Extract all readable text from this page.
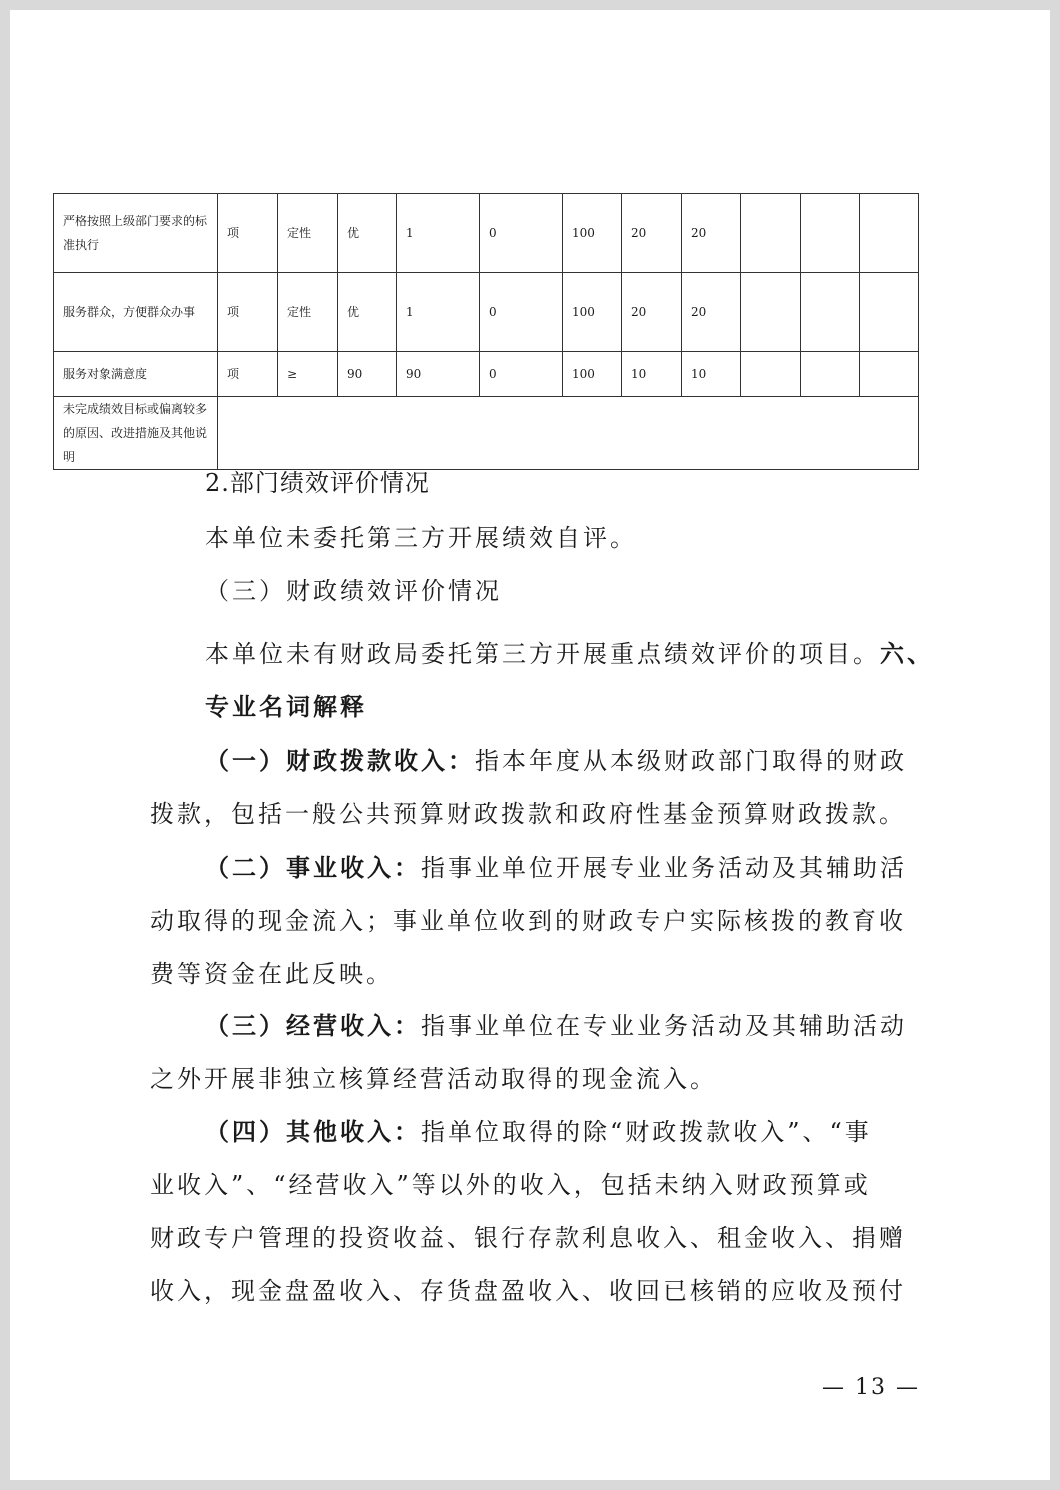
严格按照上级部门要求的标准执行	项	定性	优	1	0	100	20	20			
服务群众，方便群众办事	项	定性	优	1	0	100	20	20			
服务对象满意度	项	≥	90	90	0	100	10	10			
未完成绩效目标或偏离较多的原因、改进措施及其他说明											
2.部门绩效评价情况
本单位未委托第三方开展绩效自评。
（三）财政绩效评价情况
本单位未有财政局委托第三方开展重点绩效评价的项目。六、
专业名词解释
（一）财政拨款收入：指本年度从本级财政部门取得的财政
拨款，包括一般公共预算财政拨款和政府性基金预算财政拨款。
（二）事业收入：指事业单位开展专业业务活动及其辅助活
动取得的现金流入；事业单位收到的财政专户实际核拨的教育收
费等资金在此反映。
（三）经营收入：指事业单位在专业业务活动及其辅助活动
之外开展非独立核算经营活动取得的现金流入。
（四）其他收入：指单位取得的除“财政拨款收入”、“事
业收入”、“经营收入”等以外的收入，包括未纳入财政预算或
财政专户管理的投资收益、银行存款利息收入、租金收入、捐赠
收入，现金盘盈收入、存货盘盈收入、收回已核销的应收及预付
— 13 —
